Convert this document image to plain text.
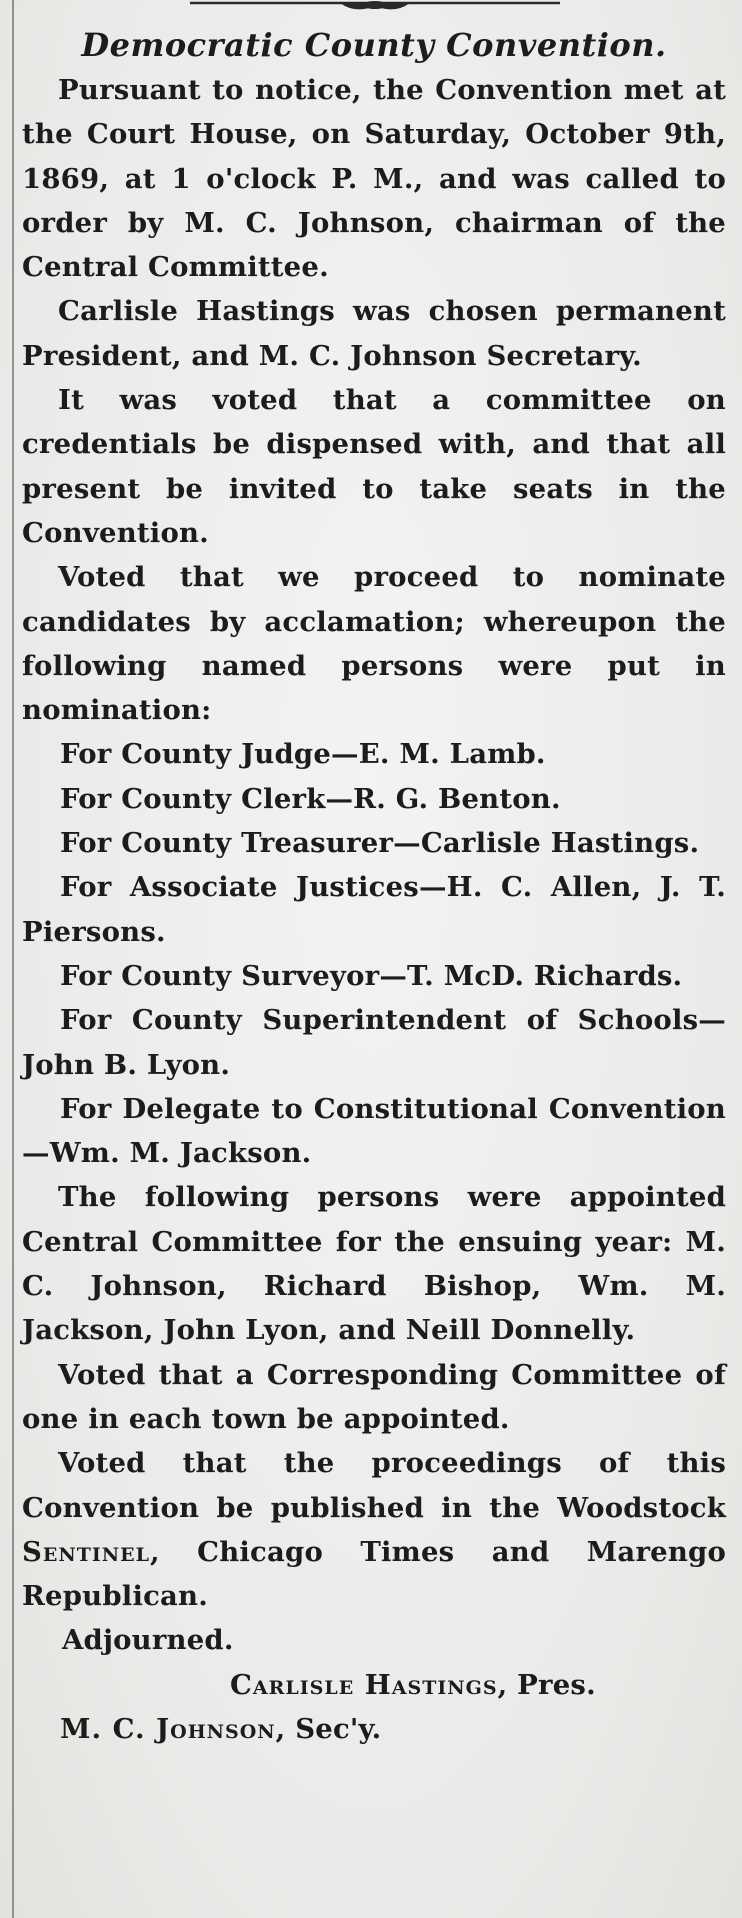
Democratic County Convention.

Pursuant to notice, the Convention met at the Court House, on Saturday, October 9th, 1869, at 1 o'clock P. M., and was called to order by M. C. Johnson, chairman of the Central Committee.

Carlisle Hastings was chosen permanent President, and M. C. Johnson Secretary.

It was voted that a committee on credentials be dispensed with, and that all present be invited to take seats in the Convention.

Voted that we proceed to nominate candidates by acclamation; whereupon the following named persons were put in nomination:

For County Judge—E. M. Lamb.

For County Clerk—R. G. Benton.

For County Treasurer—Carlisle Hastings.

For Associate Justices—H. C. Allen, J. T. Piersons.

For County Surveyor—T. McD. Richards.

For County Superintendent of Schools—John B. Lyon.

For Delegate to Constitutional Convention—Wm. M. Jackson.

The following persons were appointed Central Committee for the ensuing year: M. C. Johnson, Richard Bishop, Wm. M. Jackson, John Lyon, and Neill Donnelly.

Voted that a Corresponding Committee of one in each town be appointed.

Voted that the proceedings of this Convention be published in the Woodstock Sentinel, Chicago Times and Marengo Republican.

Adjourned.

Carlisle Hastings, Pres.

M. C. Johnson, Sec'y.
